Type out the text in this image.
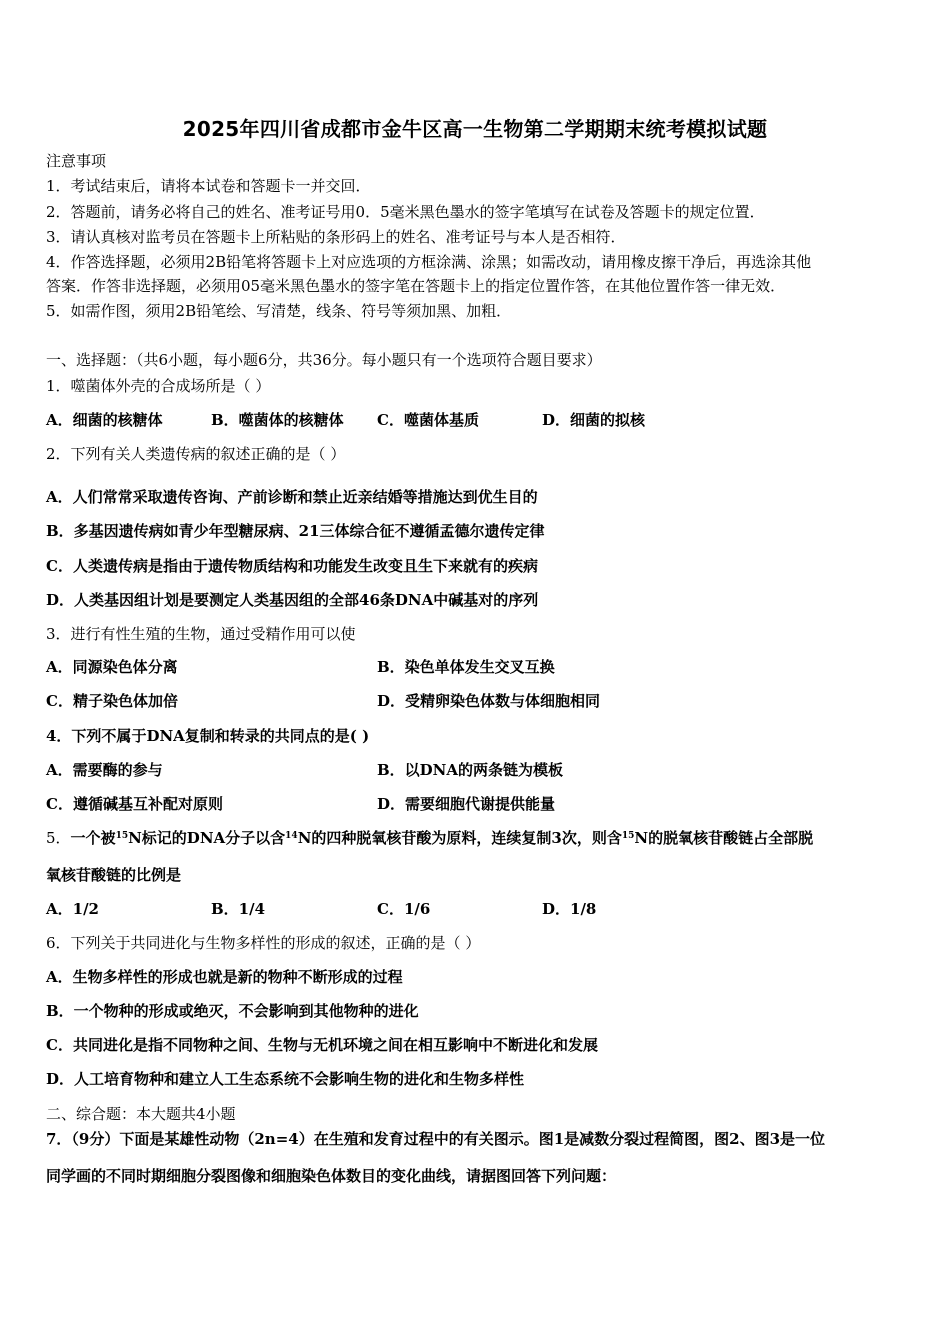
2025年四川省成都市金牛区高一生物第二学期期末统考模拟试题
注意事项
1．考试结束后，请将本试卷和答题卡一并交回．
2．答题前，请务必将自己的姓名、准考证号用0．5毫米黑色墨水的签字笔填写在试卷及答题卡的规定位置．
3．请认真核对监考员在答题卡上所粘贴的条形码上的姓名、准考证号与本人是否相符．
4．作答选择题，必须用2B铅笔将答题卡上对应选项的方框涂满、涂黑；如需改动，请用橡皮擦干净后，再选涂其他
答案．作答非选择题，必须用05毫米黑色墨水的签字笔在答题卡上的指定位置作答，在其他位置作答一律无效．
5．如需作图，须用2B铅笔绘、写清楚，线条、符号等须加黑、加粗．
一、选择题：（共6小题，每小题6分，共36分。每小题只有一个选项符合题目要求）
1．噬菌体外壳的合成场所是（ ）
A．细菌的核糖体	B．噬菌体的核糖体 C．噬菌体基质	D．细菌的拟核
2．下列有关人类遗传病的叙述正确的是（ ）
A．人们常常采取遗传咨询、产前诊断和禁止近亲结婚等措施达到优生目的
B．多基因遗传病如青少年型糖尿病、21三体综合征不遵循孟德尔遗传定律
C．人类遗传病是指由于遗传物质结构和功能发生改变且生下来就有的疾病
D．人类基因组计划是要测定人类基因组的全部46条DNA中碱基对的序列
3．进行有性生殖的生物，通过受精作用可以使
A．同源染色体分离	B．染色单体发生交叉互换
C．精子染色体加倍	D．受精卵染色体数与体细胞相同
4．下列不属于DNA复制和转录的共同点的是( )
A．需要酶的参与	B．以DNA的两条链为模板
C．遵循碱基互补配对原则	D．需要细胞代谢提供能量
5．一个被$^{15}$N标记的DNA分子以含$^{14}$N的四种脱氧核苷酸为原料，连续复制3次，则含$^{15}$N的脱氧核苷酸链占全部脱
氧核苷酸链的比例是
A．1/2	B．1/4	C．1/6	D．1/8
6．下列关于共同进化与生物多样性的形成的叙述，正确的是（ ）
A．生物多样性的形成也就是新的物种不断形成的过程
B．一个物种的形成或绝灭，不会影响到其他物种的进化
C．共同进化是指不同物种之间、生物与无机环境之间在相互影响中不断进化和发展
D．人工培育物种和建立人工生态系统不会影响生物的进化和生物多样性
二、综合题：本大题共4小题
7．（9分）下面是某雄性动物（2n=4）在生殖和发育过程中的有关图示。图1是减数分裂过程简图，图2、图3是一位
同学画的不同时期细胞分裂图像和细胞染色体数目的变化曲线，请据图回答下列问题：
